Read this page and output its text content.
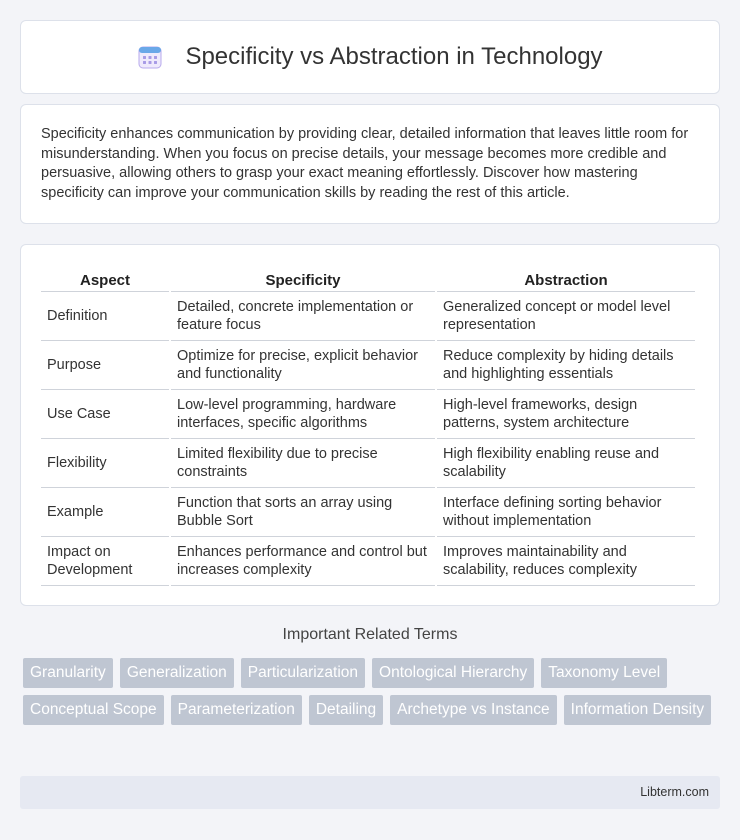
Specificity vs Abstraction in Technology

Specificity enhances communication by providing clear, detailed information that leaves little room for misunderstanding. When you focus on precise details, your message becomes more credible and persuasive, allowing others to grasp your exact meaning effortlessly. Discover how mastering specificity can improve your communication skills by reading the rest of this article.

Aspect	Specificity	Abstraction
Definition	Detailed, concrete implementation or feature focus	Generalized concept or model level representation
Purpose	Optimize for precise, explicit behavior and functionality	Reduce complexity by hiding details and highlighting essentials
Use Case	Low-level programming, hardware interfaces, specific algorithms	High-level frameworks, design patterns, system architecture
Flexibility	Limited flexibility due to precise constraints	High flexibility enabling reuse and scalability
Example	Function that sorts an array using Bubble Sort	Interface defining sorting behavior without implementation
Impact on Development	Enhances performance and control but increases complexity	Improves maintainability and scalability, reduces complexity
Important Related Terms
Granularity	Generalization	Particularization	Ontological Hierarchy	Taxonomy Level
Conceptual Scope	Parameterization	Detailing	Archetype vs Instance	Information Density
Libterm.com
